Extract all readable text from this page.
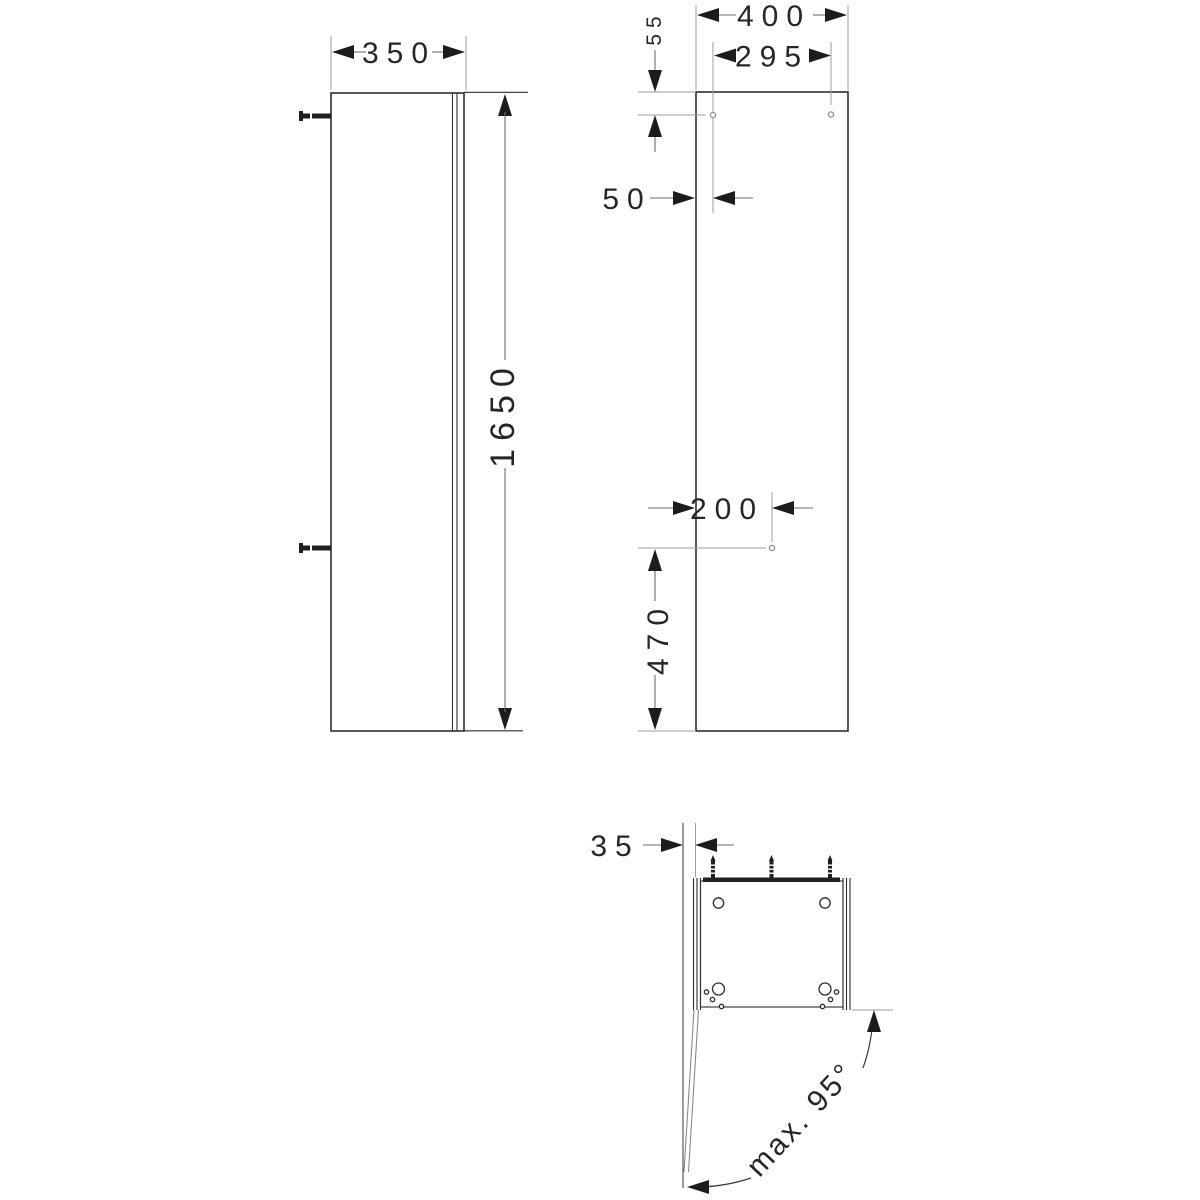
350
1650
400
295
55
50
200
470
35
max. 95°
